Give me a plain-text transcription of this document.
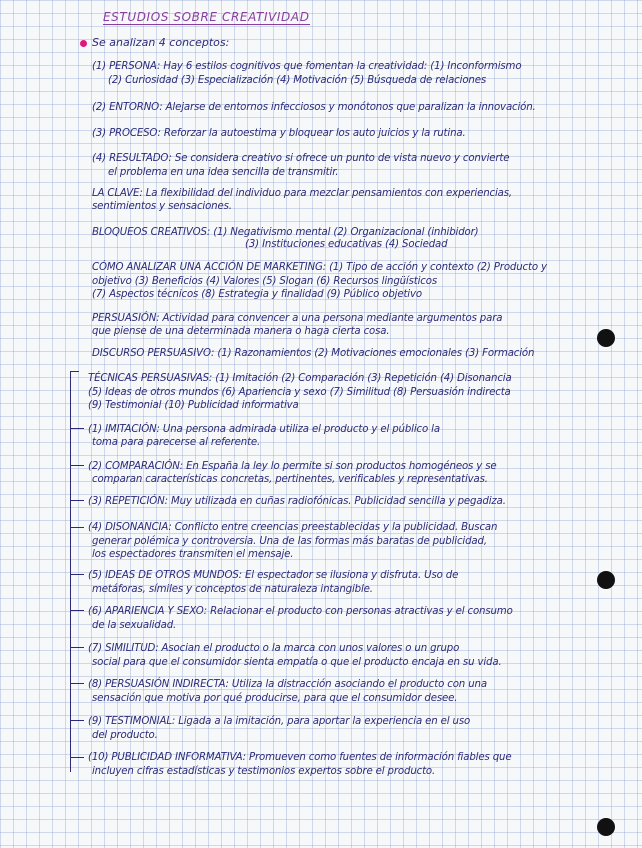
ESTUDIOS SOBRE CREATIVIDAD
Se analizan 4 conceptos:
(1) PERSONA: Hay 6 estilos cognitivos que fomentan la creatividad: (1) Inconformismo
(2) Curiosidad (3) Especialización (4) Motivación (5) Búsqueda de relaciones
(2) ENTORNO: Alejarse de entornos infecciosos y monótonos que paralizan la innovación.
(3) PROCESO: Reforzar la autoestima y bloquear los auto juicios y la rutina.
(4) RESULTADO: Se considera creativo si ofrece un punto de vista nuevo y convierte
el problema en una idea sencilla de transmitir.
LA CLAVE: La flexibilidad del individuo para mezclar pensamientos con experiencias,
sentimientos y sensaciones.
BLOQUEOS CREATIVOS: (1) Negativismo mental (2) Organizacional (inhibidor)
(3) Instituciones educativas (4) Sociedad
CÓMO ANALIZAR UNA ACCIÓN DE MARKETING: (1) Tipo de acción y contexto (2) Producto y
objetivo (3) Beneficios (4) Valores (5) Slogan (6) Recursos lingüísticos
(7) Aspectos técnicos (8) Estrategia y finalidad (9) Público objetivo
PERSUASIÓN: Actividad para convencer a una persona mediante argumentos para
que piense de una determinada manera o haga cierta cosa.
DISCURSO PERSUASIVO: (1) Razonamientos (2) Motivaciones emocionales (3) Formación
TÉCNICAS PERSUASIVAS: (1) Imitación (2) Comparación (3) Repetición (4) Disonancia
(5) Ideas de otros mundos (6) Apariencia y sexo (7) Similitud (8) Persuasión indirecta
(9) Testimonial (10) Publicidad informativa
(1) IMITACIÓN: Una persona admirada utiliza el producto y el público la
toma para parecerse al referente.
(2) COMPARACIÓN: En España la ley lo permite si son productos homogéneos y se
comparan características concretas, pertinentes, verificables y representativas.
(3) REPETICIÓN: Muy utilizada en cuñas radiofónicas. Publicidad sencilla y pegadiza.
(4) DISONANCIA: Conflicto entre creencias preestablecidas y la publicidad. Buscan
generar polémica y controversia. Una de las formas más baratas de publicidad,
los espectadores transmiten el mensaje.
(5) IDEAS DE OTROS MUNDOS: El espectador se ilusiona y disfruta. Uso de
metáforas, símiles y conceptos de naturaleza intangible.
(6) APARIENCIA Y SEXO: Relacionar el producto con personas atractivas y el consumo
de la sexualidad.
(7) SIMILITUD: Asocian el producto o la marca con unos valores o un grupo
social para que el consumidor sienta empatía o que el producto encaja en su vida.
(8) PERSUASIÓN INDIRECTA: Utiliza la distracción asociando el producto con una
sensación que motiva por qué producirse, para que el consumidor desee.
(9) TESTIMONIAL: Ligada a la imitación, para aportar la experiencia en el uso
del producto.
(10) PUBLICIDAD INFORMATIVA: Promueven como fuentes de información fiables que
incluyen cifras estadísticas y testimonios expertos sobre el producto.
